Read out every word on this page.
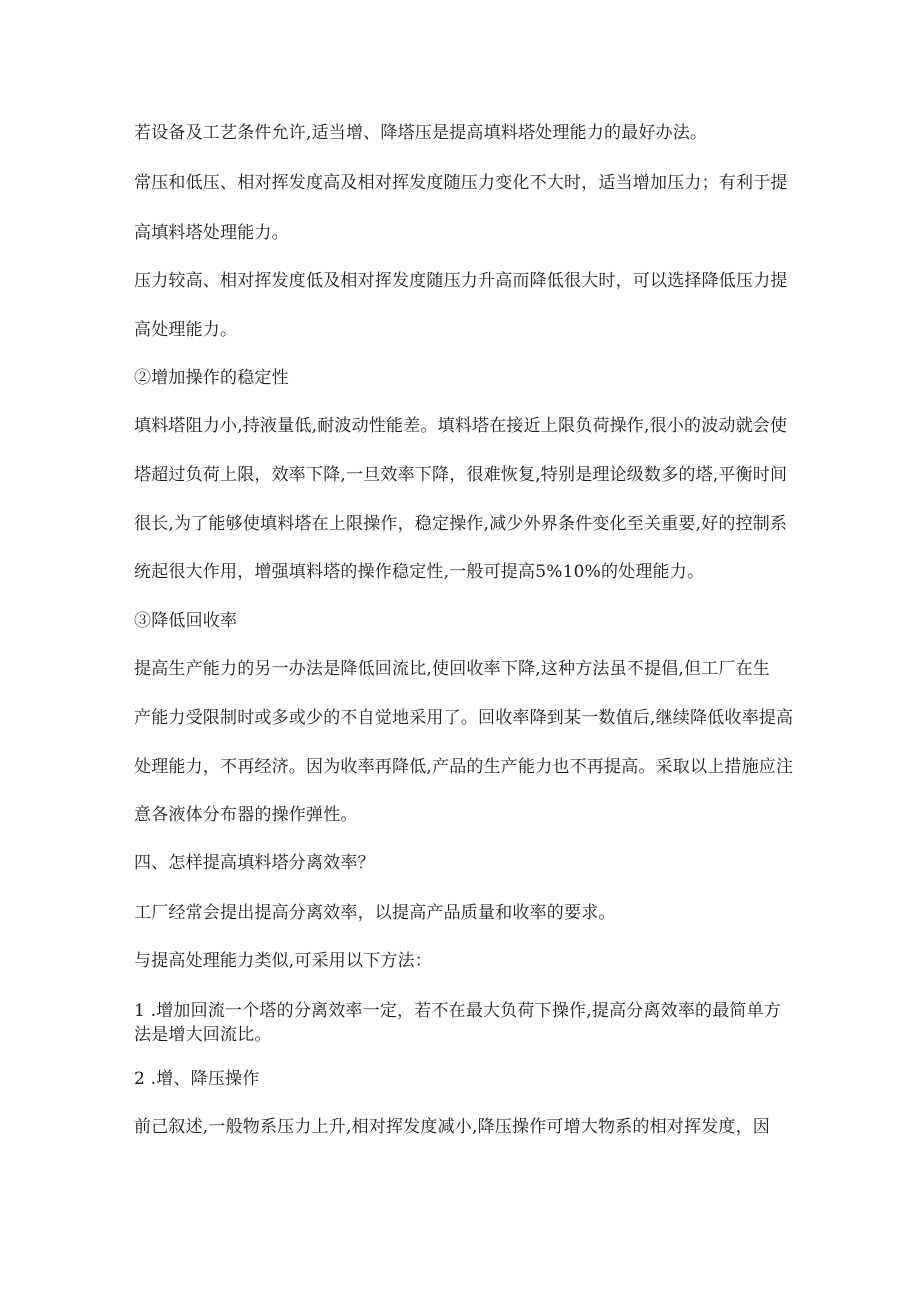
若设备及工艺条件允许,适当增、降塔压是提高填料塔处理能力的最好办法。
常压和低压、相对挥发度高及相对挥发度随压力变化不大时，适当增加压力；有利于提
高填料塔处理能力。
压力较高、相对挥发度低及相对挥发度随压力升高而降低很大时，可以选择降低压力提
高处理能力。
②增加操作的稳定性
填料塔阻力小,持液量低,耐波动性能差。填料塔在接近上限负荷操作,很小的波动就会使
塔超过负荷上限，效率下降,一旦效率下降，很难恢复,特别是理论级数多的塔,平衡时间
很长,为了能够使填料塔在上限操作，稳定操作,减少外界条件变化至关重要,好的控制系
统起很大作用，增强填料塔的操作稳定性,一般可提高5%10%的处理能力。
③降低回收率
提高生产能力的另一办法是降低回流比,使回收率下降,这种方法虽不提倡,但工厂在生
产能力受限制时或多或少的不自觉地采用了。回收率降到某一数值后,继续降低收率提高
处理能力，不再经济。因为收率再降低,产品的生产能力也不再提高。采取以上措施应注
意各液体分布器的操作弹性。
四、怎样提高填料塔分离效率？
工厂经常会提出提高分离效率，以提高产品质量和收率的要求。
与提高处理能力类似,可采用以下方法：
1 .增加回流一个塔的分离效率一定，若不在最大负荷下操作,提高分离效率的最简单方
法是增大回流比。
2 .增、降压操作
前己叙述,一般物系压力上升,相对挥发度减小,降压操作可增大物系的相对挥发度，因
